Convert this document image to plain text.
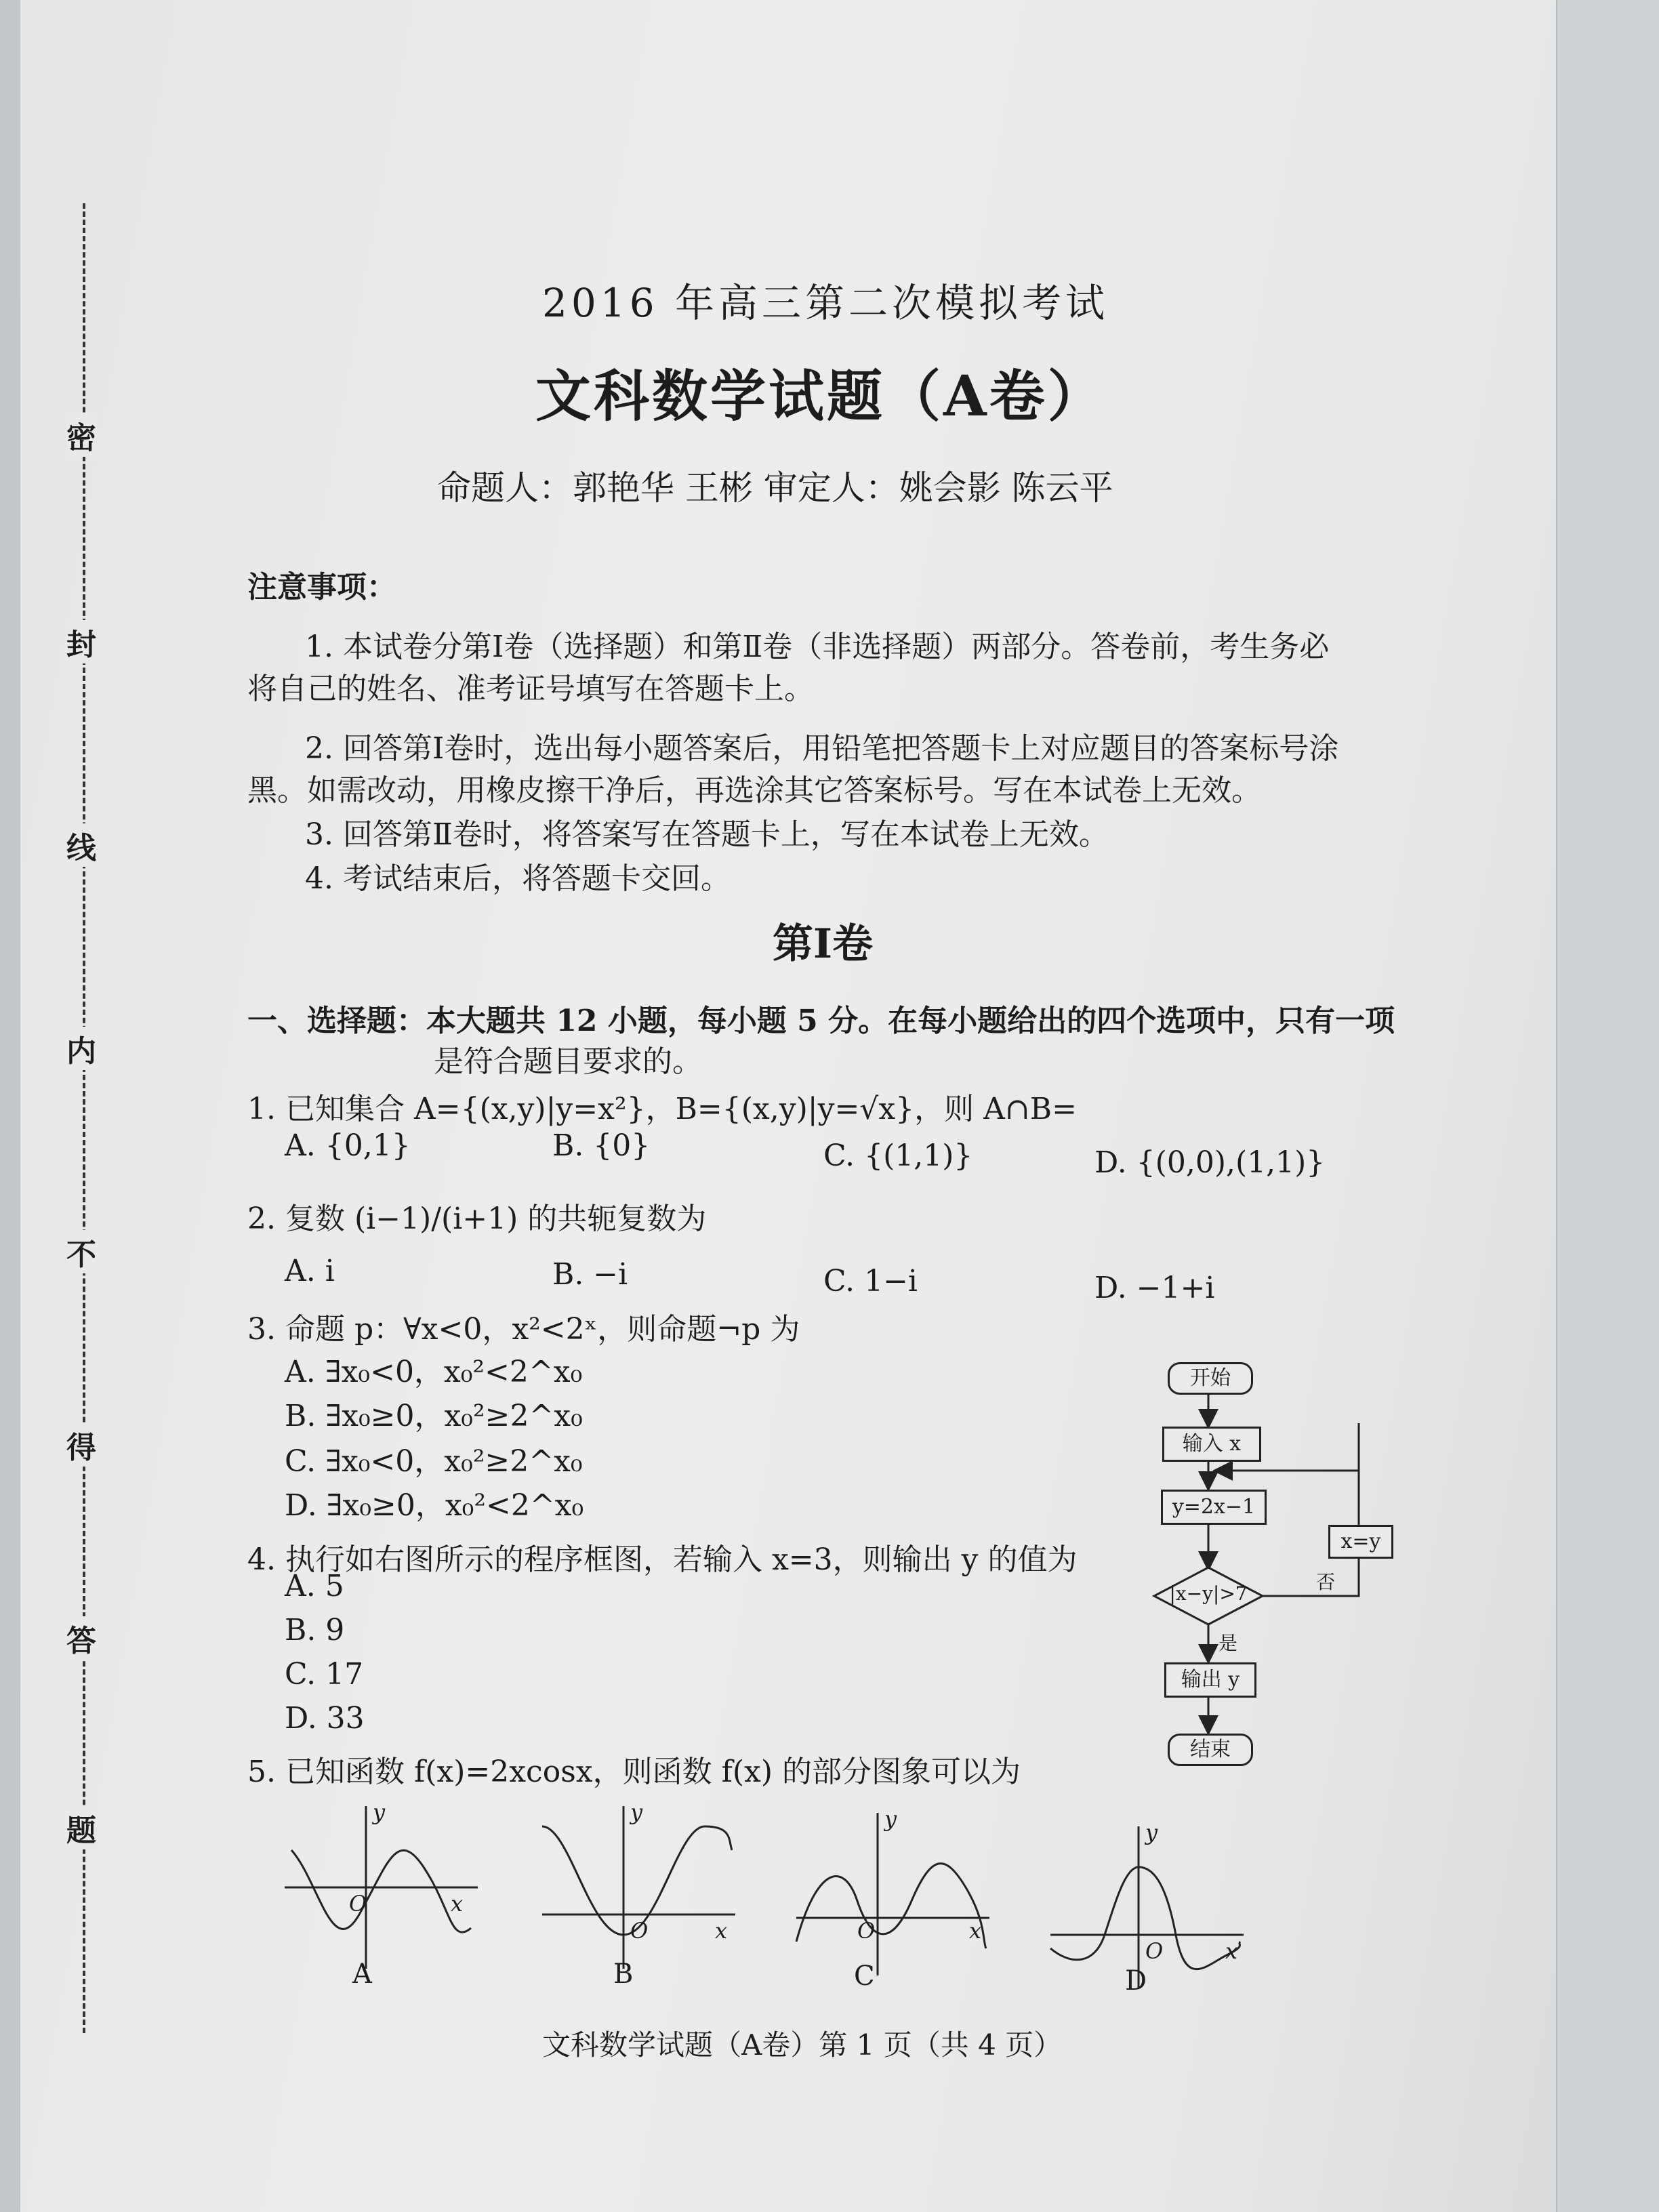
密
封
线
内
不
得
答
题
2016 年高三第二次模拟考试
文科数学试题（A卷）
命题人：郭艳华 王彬 审定人：姚会影 陈云平
注意事项：
1. 本试卷分第Ⅰ卷（选择题）和第Ⅱ卷（非选择题）两部分。答卷前，考生务必
将自己的姓名、准考证号填写在答题卡上。
2. 回答第Ⅰ卷时，选出每小题答案后，用铅笔把答题卡上对应题目的答案标号涂
黑。如需改动，用橡皮擦干净后，再选涂其它答案标号。写在本试卷上无效。
3. 回答第Ⅱ卷时，将答案写在答题卡上，写在本试卷上无效。
4. 考试结束后，将答题卡交回。
第Ⅰ卷
一、选择题：本大题共 12 小题，每小题 5 分。在每小题给出的四个选项中，只有一项
是符合题目要求的。
1. 已知集合 A={(x,y)|y=x²}，B={(x,y)|y=√x}，则 A∩B=
A. {0,1}	B. {0}	C. {(1,1)}	D. {(0,0),(1,1)}
2. 复数 (i−1)/(i+1) 的共轭复数为
A. i	B. −i	C. 1−i	D. −1+i
3. 命题 p：∀x<0，x²<2ˣ，则命题¬p 为
A. ∃x₀<0，x₀²<2^x₀
B. ∃x₀≥0，x₀²≥2^x₀
C. ∃x₀<0，x₀²≥2^x₀
D. ∃x₀≥0，x₀²<2^x₀
4. 执行如右图所示的程序框图，若输入 x=3，则输出 y 的值为
A. 5
B. 9
C. 17
D. 33
开始
输入 x
y=2x−1
x=y
|x−y|>7
否
是
输出 y
结束
5. 已知函数 f(x)=2xcosx，则函数 f(x) 的部分图象可以为
O	x
y
A
O	x
y
B
O	x
y
C
O	x
y
D
文科数学试题（A卷）第 1 页（共 4 页）
